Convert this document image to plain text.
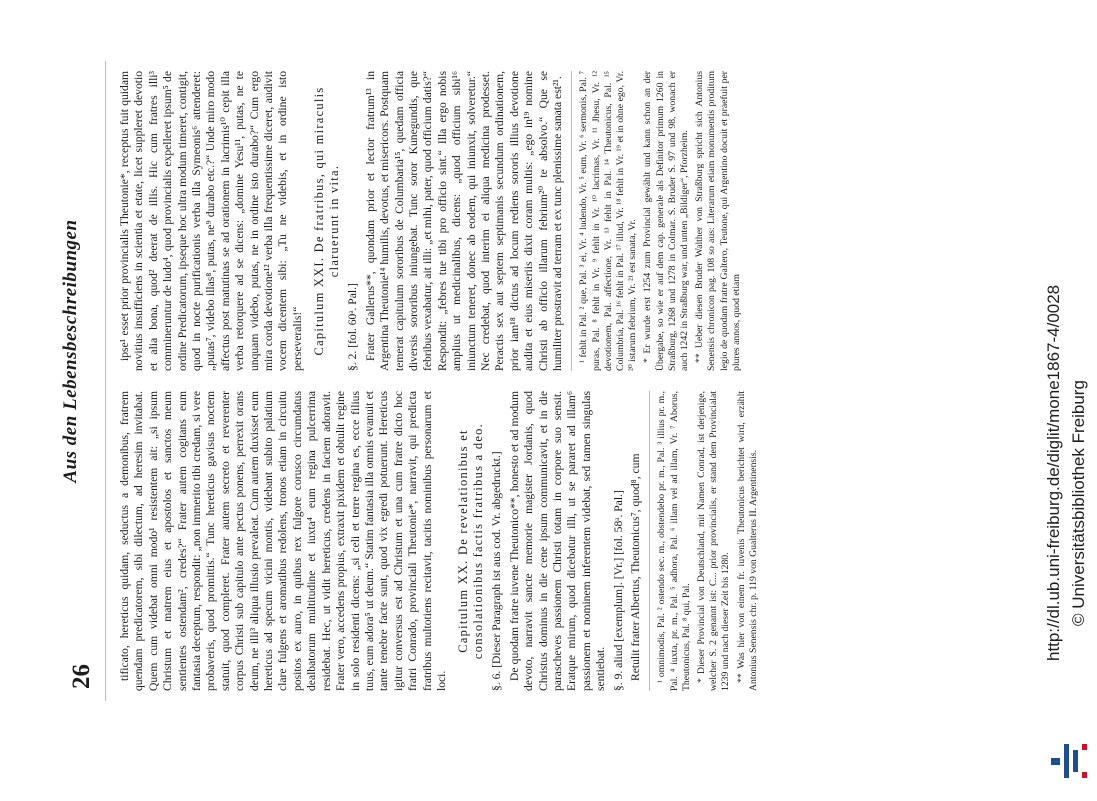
26
Aus den Lebensbeschreibungen

tificato, hereticus quidam, seductus a demonibus, fratrem quendam predicatorem, sibi dilectum, ad heresim invitabat. Quem cum videbat omni modo¹ resistentem ait: „si ipsum Christum et matrem eius et apostolos et sanctos meum sentientes ostendam², credes?“ Frater autem cogitans eum fantasia deceptum, respondit: „non immerito tibi credam, si vere probaveris, quod promittis.“ Tunc hereticus gavisus noctem statuit, quod compleret. Frater autem secreto et reverenter corpus Christi sub capitulo ante pectus ponens, perrexit orans deum, ne illi³ aliqua illusio prevaleat. Cum autem duxisset eum hereticus ad specum vicini montis, videbant subito palatium clare fulgens et aromatibus redolens, tronos etiam in circuitu positos ex auro, in quibus rex fulgore corusco circumdatus dealbatorum multitudine et iuxta⁴ eum regina pulcerrima residebat. Hec, ut vidit hereticus, credens in faciem adoravit. Frater vero, accedens propius, extraxit pixidem et obtulit regine in solo residenti dicens: „si celi et terre regina es, ecce filius tuus, eum adora⁵ ut deum.“ Statim fantasia illa omnis evanuit et tante tenebre facte sunt, quod vix egredi potuerunt. Hereticus igitur conversus est ad Christum et una cum fratre dicto hoc fratri Conrado, provinciali Theutonie*, narravit, qui predicta fratribus multotiens recitavit, tacitis nominibus personarum et loci.

Capitulum XX. De revelationibus et consolationibus factis fratribus a deo. §. 6. [Dieser Paragraph ist aus cod. Vr. abgedruckt.] De quodam fratre iuvene Theutonico**, honesto et ad modum devoto, narravit sancte memorie magister Jordanis, quod Christus dominus in die cene ipsum communicavit, et in die parascheves passionem Christi totam in corpore suo sensit. Eratque mirum, quod dicebatur illi, ut se pararet ad illam⁶ passionem et nominem inferentem videbat, sed tamen singulas sentiebat. §. 9. aliud [exemplum]. [Vr.] [fol. 58ᵃ. Pal.] Retulit frater Albertus, Theutonicus⁷, quod⁸, cum ¹ omnimodis, Pal. ² ostendo sec. m., obstendebo pr. m., Pal. ³ illius pr. m., Pal. ⁴ iuxta, pr. m., Pal. ⁵ adhora, Pal. ⁶ illam vel ad illam, Vr. ⁷ Aborus, Theutonicus, Pal. ⁸ qui, Pal. * Dieser Provincial von Deutschland, mit Namen Conrad, ist derjenige, welcher S. 2 genannt ist: C... prior provincialis, er stand dem Provincialat 1239 und nach dieser Zeit bis 1280. ** Was hier von einem fr. iuvenis Theutonicus berichtet wird, erzählt Antonius Senensis chr. p. 119 von Gualterus II. Argentinensis.

ipse¹ esset prior provincialis Theutonie*, receptus fuit quidam novitius insufficiens in scientia et etate, licet suppleret devotio et alia bona, quod² deerat de illis. Hic cum fratres illi³ commineruntur de ludo⁴, quod provincialis expelleret ipsum⁵ de ordine Predicatorum, ipseque hoc ultra modum timeret, contigit, quod in nocte purificationis verba illa Symeonis⁶ attenderet: „putas⁷, videbo illas⁸, putas, ne⁹ durabo etc.?“ Unde miro modo affectus post matutinas se ad orationem in lacrimis¹⁰ cepit illa verba retorquere ad se dicens: „domine Yesu¹¹, putas, ne te unquam videbo, putas, ne in ordine isto durabo?“ Cum ergo mira corda devotione¹² verba illa frequentissime diceret, audivit vocem dicentem sibi: „Tu ne videbis, et in ordine isto perseveralis!“ Capitulum XXI. De fratribus, qui miraculis claruerunt in vita.
§. 2. [fol. 60ᵃ. Pal.] Frater Gallerus**, quondam prior et lector fratrum¹³ in Argentina Theutonie¹⁴ humilis, devotus, et misericors. Postquam temerat capitulum sororibus de Columbaria¹⁵, quedam officia diversis sororibus iniungebat. Tunc soror Kunegundis, que febribus vexabatur, ait illi: „et mihi, pater, quod officium datis?“ Respondit: „febres tue tibi pro officio sint.“ Illa ergo nobis amplius ut medicinalibus, dicens: „quod officium sibi¹⁶ iniunctum teneret, donec ab eodem, qui iniunxit, solveretur.“ Nec credebat, quod interim ei aliqua medicina prodesset. Peractis sex aut septem septimanis secundum ordinationem, prior iam¹⁸ dictus ad locum rediens sororis illius devotione audita et eius miseriis dixit coram multis: „ego in¹⁹ nomine Christi ab officio illarum febrium²⁰ te absolvo.“ Que se humiliter prostravit ad terram et ex tunc plenissime sanata est²¹. ¹ fehlt in Pal. ² que, Pal. ³ ei, Vr. ⁴ ludendo, Vr. ⁵ eum, Vr. ⁶ sermonis, Pal. ⁷ puras, Pal. ⁸ fehlt in Vr. ⁹ fehlt in Vr. ¹⁰ lacrimas, Vr. ¹¹ Jhesu, Vr. ¹² devotionem, Pal. affectione, Vr. ¹³ fehlt in Pal. ¹⁴ Theutonicus, Pal. ¹⁵ Columbria, Pal. ¹⁶ fehlt in Pal. ¹⁷ illud, Vr. ¹⁸ fehlt in Vr. ¹⁹ et in ohne ego, Vr. ²⁰ istarum febrium, Vr. ²¹ est sanata, Vr. * Er wurde erst 1254 zum Provincial gewählt und kann schon an der Übergabe, so wie er auf dem cap. generale als Definitor primum 1260 in Straßburg, 1268 und 1278 in Colmar. S. Bruder S. 97 und 98, wonach er auch 1242 in Straßburg war, und unten „Bildiger“, Pforzheim. ** Ueber diesen Bruder Walther von Straßburg spricht sich Antonius Senensis chronicon pag. 108 so aus: Literarum etiam monumentis proditum legio de quodam fratre Galtero, Teutone, qui Argentino docuit et praefuit per plures annos, quod etiam	http://dl.ub.uni-freiburg.de/diglit/mone1867-4/0028 © Universitätsbibliothek Freiburg
